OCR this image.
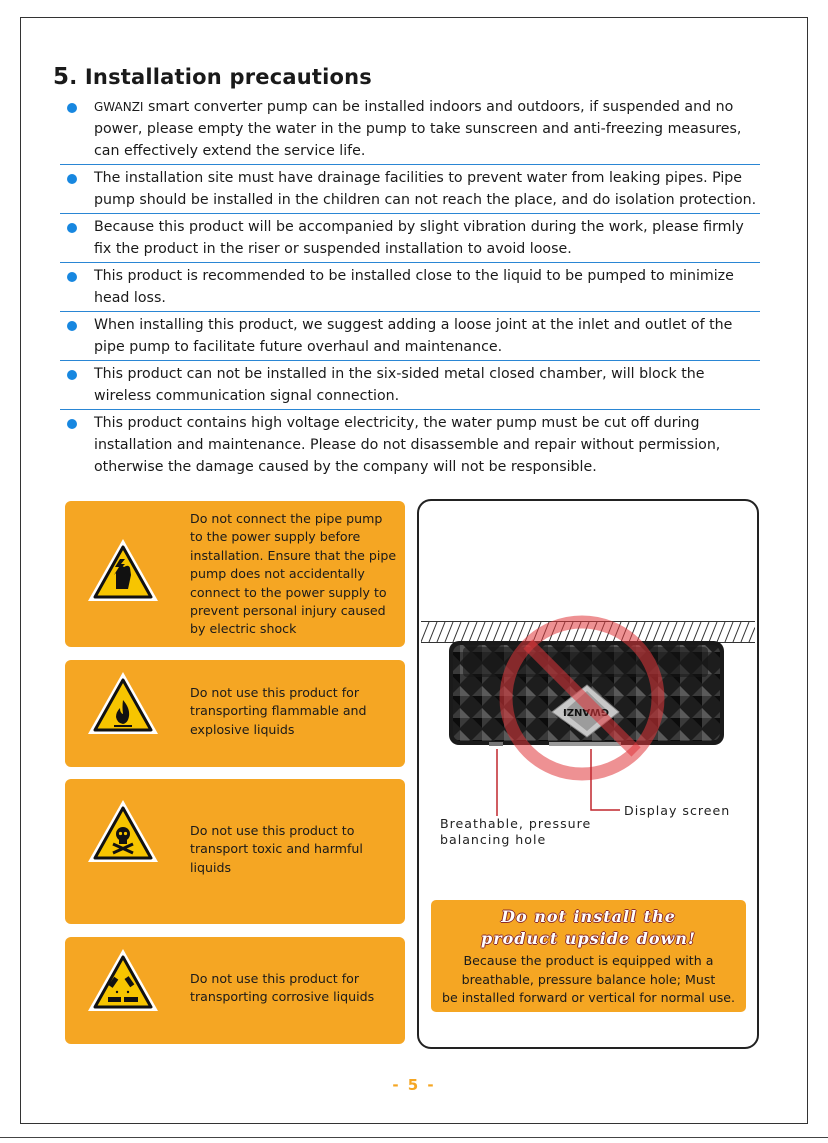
5. Installation precautions
GWANZI smart converter pump can be installed indoors and outdoors, if suspended and no power, please empty the water in the pump to take sunscreen and anti-freezing measures, can effectively extend the service life.
The installation site must have drainage facilities to prevent water from leaking pipes. Pipe pump should be installed in the children can not reach the place, and do isolation protection.
Because this product will be accompanied by slight vibration during the work, please firmly fix the product in the riser or suspended installation to avoid loose.
This product is recommended to be installed close to the liquid to be pumped to minimize head loss.
When installing this product, we suggest adding a loose joint at the inlet and outlet of the pipe pump to facilitate future overhaul and maintenance.
This product can not be installed in the six-sided metal closed chamber, will block the wireless communication signal connection.
This product contains high voltage electricity, the water pump must be cut off during installation and maintenance. Please do not disassemble and repair without permission, otherwise the damage caused by the company will not be responsible.
Do not connect the pipe pump
to the power supply before
installation. Ensure that the pipe
pump does not accidentally
connect to the power supply to
prevent personal injury caused
by electric shock
Do not use this product for
transporting flammable and
explosive liquids
Do not use this product to
transport toxic and harmful
liquids
Do not use this product for
transporting corrosive liquids
GWANZI
Breathable, pressure
balancing hole
Display screen
Do not install the
product upside down!
Because the product is equipped with a
breathable, pressure balance hole; Must
be installed forward or vertical for normal use.
- 5 -
